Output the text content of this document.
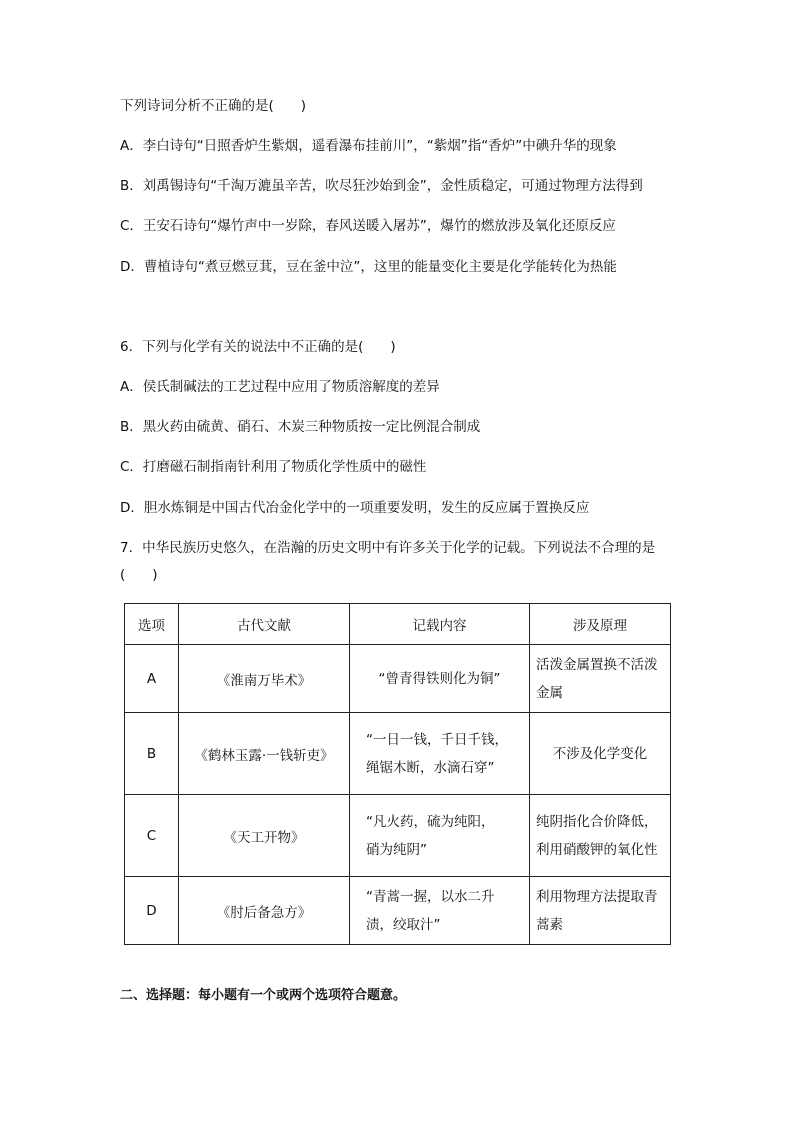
下列诗词分析不正确的是(　　)
A．李白诗句“日照香炉生紫烟，遥看瀑布挂前川”，“紫烟”指“香炉”中碘升华的现象
B．刘禹锡诗句“千淘万漉虽辛苦，吹尽狂沙始到金”，金性质稳定，可通过物理方法得到
C．王安石诗句“爆竹声中一岁除，春风送暖入屠苏”，爆竹的燃放涉及氧化还原反应
D．曹植诗句“煮豆燃豆萁，豆在釜中泣”，这里的能量变化主要是化学能转化为热能
6．下列与化学有关的说法中不正确的是(　　)
A．侯氏制碱法的工艺过程中应用了物质溶解度的差异
B．黑火药由硫黄、硝石、木炭三种物质按一定比例混合制成
C．打磨磁石制指南针利用了物质化学性质中的磁性
D．胆水炼铜是中国古代冶金化学中的一项重要发明，发生的反应属于置换反应
7．中华民族历史悠久，在浩瀚的历史文明中有许多关于化学的记载。下列说法不合理的是
(　　)
选项	古代文献	记载内容	涉及原理
A	《淮南万毕术》	“曾青得铁则化为铜”	活泼金属置换不活泼
金属

B	《鹤林玉露·一钱斩吏》	“一日一钱，千日千钱，
绳锯木断，水滴石穿”	不涉及化学变化

C	《天工开物》	“凡火药，硫为纯阳，
硝为纯阴”	纯阴指化合价降低，
利用硝酸钾的氧化性

D	《肘后备急方》	“青蒿一握，以水二升
渍，绞取汁”	利用物理方法提取青
蒿素
二、选择题：每小题有一个或两个选项符合题意。
